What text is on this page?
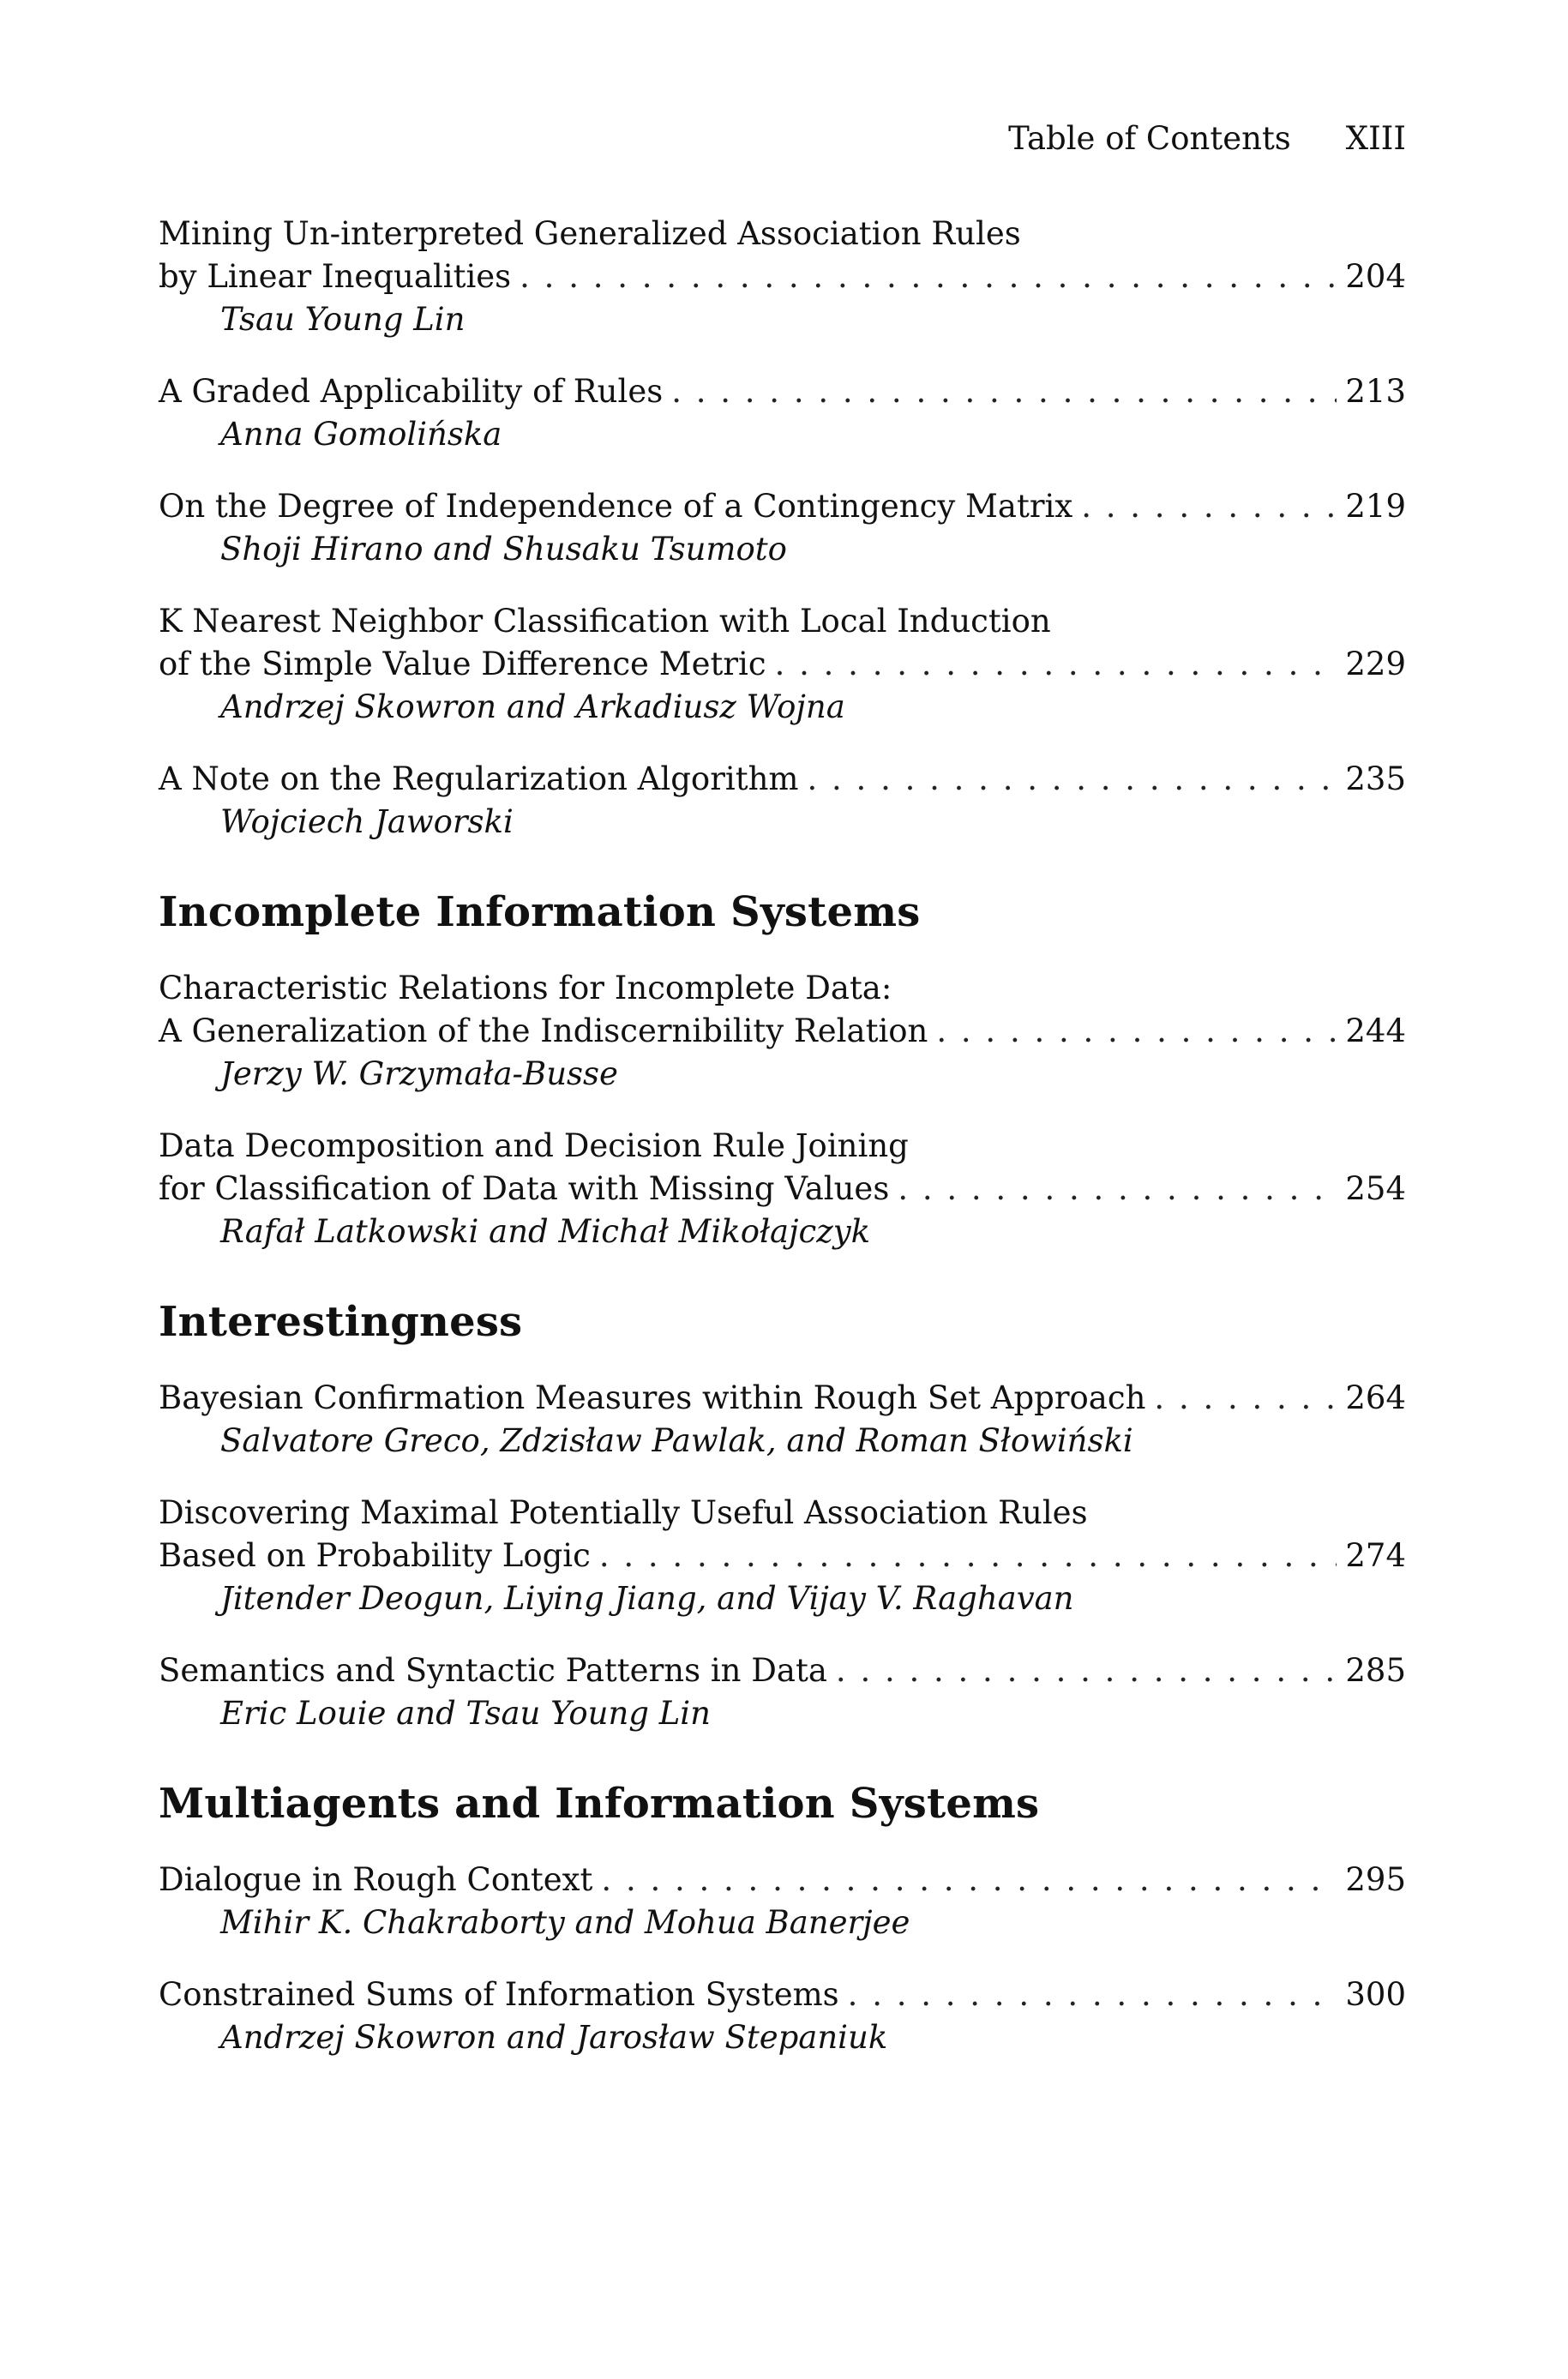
Table of Contents XIII
Mining Un-interpreted Generalized Association Rules
by Linear Inequalities . . .	204
Tsau Young Lin
A Graded Applicability of Rules . . .	213
Anna Gomolińska
On the Degree of Independence of a Contingency Matrix . . .	219
Shoji Hirano and Shusaku Tsumoto
K Nearest Neighbor Classification with Local Induction
of the Simple Value Difference Metric . . .	229
Andrzej Skowron and Arkadiusz Wojna
A Note on the Regularization Algorithm . . .	235
Wojciech Jaworski
Incomplete Information Systems
Characteristic Relations for Incomplete Data:
A Generalization of the Indiscernibility Relation . . .	244
Jerzy W. Grzymała-Busse
Data Decomposition and Decision Rule Joining
for Classification of Data with Missing Values . . .	254
Rafał Latkowski and Michał Mikołajczyk
Interestingness
Bayesian Confirmation Measures within Rough Set Approach . . .	264
Salvatore Greco, Zdzisław Pawlak, and Roman Słowiński
Discovering Maximal Potentially Useful Association Rules
Based on Probability Logic . . .	274
Jitender Deogun, Liying Jiang, and Vijay V. Raghavan
Semantics and Syntactic Patterns in Data . . .	285
Eric Louie and Tsau Young Lin
Multiagents and Information Systems
Dialogue in Rough Context . . .	295
Mihir K. Chakraborty and Mohua Banerjee
Constrained Sums of Information Systems . . .	300
Andrzej Skowron and Jarosław Stepaniuk
